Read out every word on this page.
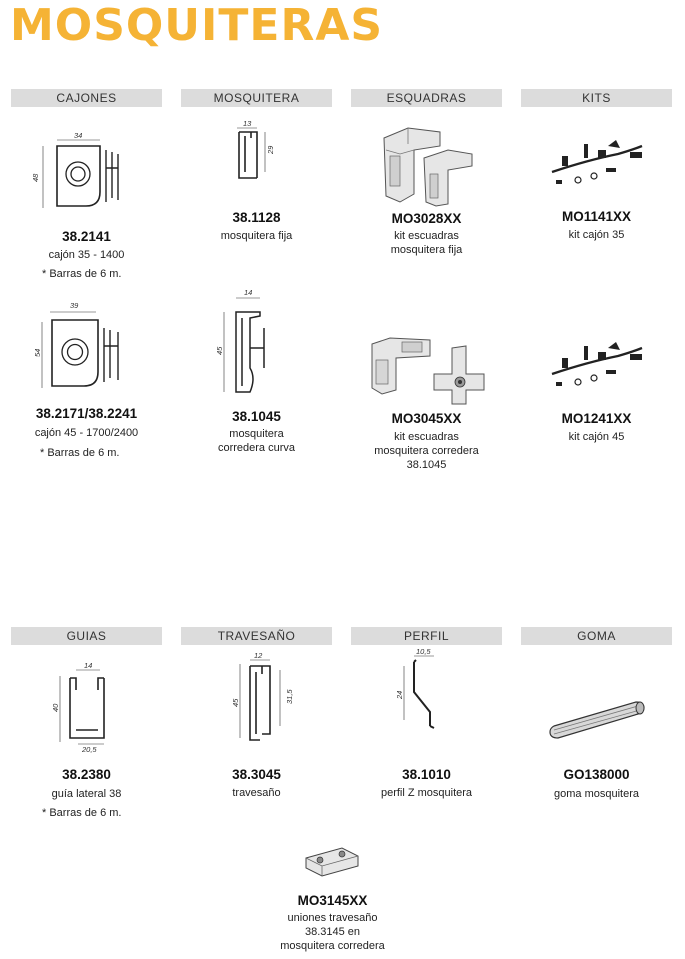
MOSQUITERAS
CAJONES	MOSQUITERA	ESQUADRAS	KITS
34
48
38.2141
cajón 35 - 1400
* Barras de 6 m.
13
29
38.1128
mosquitera fija
MO3028XX
kit escuadras
mosquitera fija
MO1141XX
kit cajón 35
39
54
38.2171/38.2241
cajón 45 - 1700/2400
* Barras de 6 m.
14
45
38.1045
mosquitera
corredera curva
MO3045XX
kit escuadras
mosquitera corredera
38.1045
MO1241XX
kit cajón 45
GUIAS	TRAVESAÑO	PERFIL	GOMA
14
40
20,5
38.2380
guía lateral 38
* Barras de 6 m.
12
45	31,5
38.3045
travesaño
10,5
24
38.1010
perfil Z mosquitera
GO138000
goma mosquitera
MO3145XX
uniones travesaño
38.3145 en
mosquitera corredera
